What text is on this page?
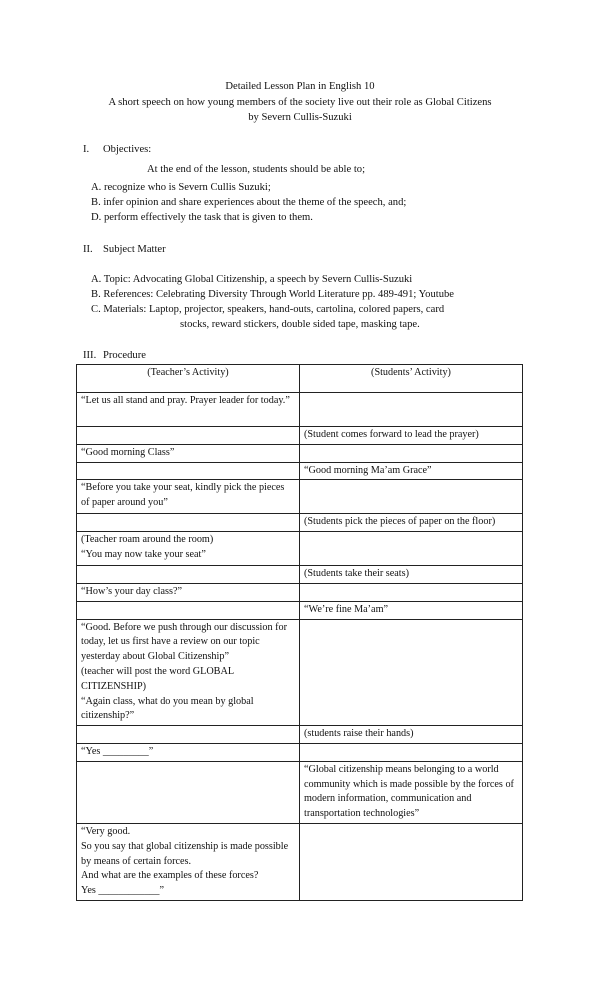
Detailed Lesson Plan in English 10
A short speech on how young members of the society live out their role as Global Citizens
by Severn Cullis-Suzuki
I. Objectives:
At the end of the lesson, students should be able to;
A. recognize who is Severn Cullis Suzuki;
B. infer opinion and share experiences about the theme of the speech, and;
D. perform effectively the task that is given to them.
II. Subject Matter
A. Topic: Advocating Global Citizenship, a speech by Severn Cullis-Suzuki
B. References: Celebrating Diversity Through World Literature pp. 489-491; Youtube
C. Materials: Laptop, projector, speakers, hand-outs, cartolina, colored papers, card
stocks, reward stickers, double sided tape, masking tape.
III. Procedure
(Teacher’s Activity)	(Students’ Activity)
“Let us all stand and pray. Prayer leader for today.”	
	(Student comes forward to lead the prayer)
“Good morning Class”	
	“Good morning Ma’am Grace”
“Before you take your seat, kindly pick the pieces of paper around you”	
	(Students pick the pieces of paper on the floor)
(Teacher roam around the room)
“You may now take your seat”	
	(Students take their seats)
“How’s your day class?”	
	“We’re fine Ma’am”
“Good. Before we push through our discussion for today, let us first have a review on our topic yesterday about Global Citizenship”
(teacher will post the word GLOBAL CITIZENSHIP)
“Again class, what do you mean by global citizenship?”	
	(students raise their hands)
“Yes _________”	
	“Global citizenship means belonging to a world community which is made possible by the forces of modern information, communication and transportation technologies”
“Very good.
So you say that global citizenship is made possible by means of certain forces.
And what are the examples of these forces?
Yes ____________”	
